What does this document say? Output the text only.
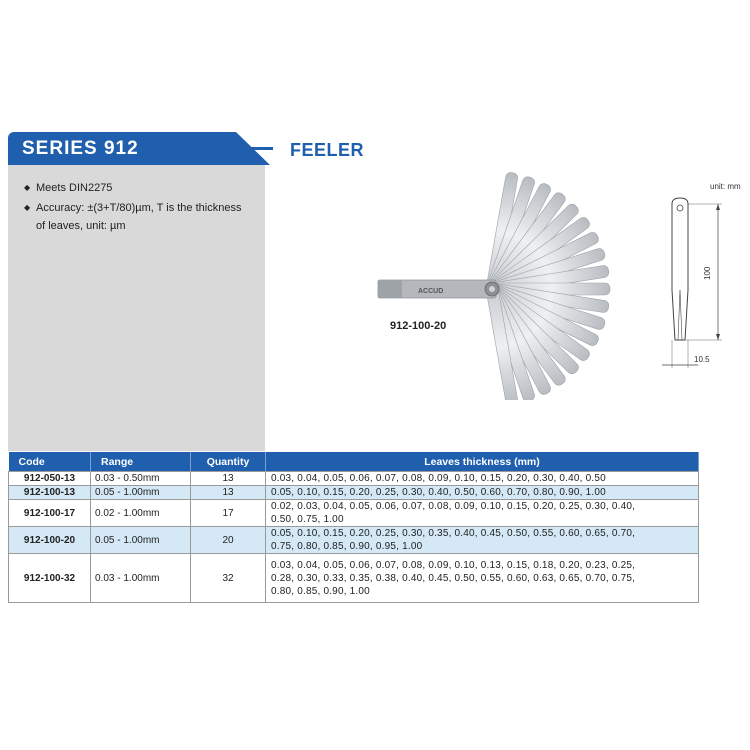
SERIES 912	FEELER
◆ Meets DIN2275
◆ Accuracy: ±(3+T/80)µm, T is the thickness
of leaves, unit: µm
ACCUD
912-100-20
unit: mm
100
10.5
Code	Range	Quantity	Leaves thickness (mm)
912-050-13	0.03 - 0.50mm	13	0.03, 0.04, 0.05, 0.06, 0.07, 0.08, 0.09, 0.10, 0.15, 0.20, 0.30, 0.40, 0.50
912-100-13	0.05 - 1.00mm	13	0.05, 0.10, 0.15, 0.20, 0.25, 0.30, 0.40, 0.50, 0.60, 0.70, 0.80, 0.90, 1.00
912-100-17	0.02 - 1.00mm	17	0.02, 0.03, 0.04, 0.05, 0.06, 0.07, 0.08, 0.09, 0.10, 0.15, 0.20, 0.25, 0.30, 0.40,
0.50, 0.75, 1.00

912-100-20	0.05 - 1.00mm	20	0.05, 0.10, 0.15, 0.20, 0.25, 0.30, 0.35, 0.40, 0.45, 0.50, 0.55, 0.60, 0.65, 0.70,
0.75, 0.80, 0.85, 0.90, 0.95, 1.00

912-100-32	0.03 - 1.00mm	32	0.03, 0.04, 0.05, 0.06, 0.07, 0.08, 0.09, 0.10, 0.13, 0.15, 0.18, 0.20, 0.23, 0.25,
0.28, 0.30, 0.33, 0.35, 0.38, 0.40, 0.45, 0.50, 0.55, 0.60, 0.63, 0.65, 0.70, 0.75,
0.80, 0.85, 0.90, 1.00
